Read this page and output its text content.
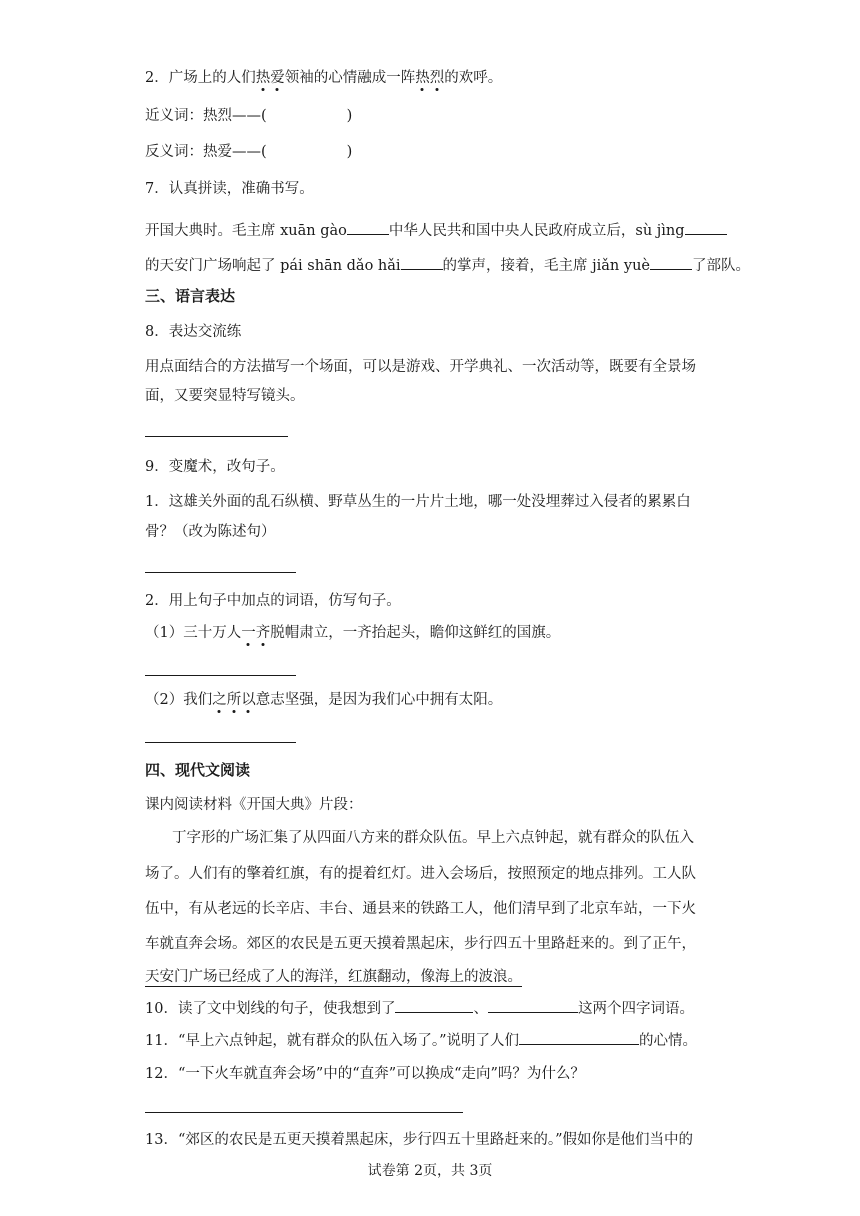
2．广场上的人们热爱领袖的心情融成一阵热烈的欢呼。
近义词：热烈——(	)
反义词：热爱——(	)
7．认真拼读，准确书写。
开国大典时。毛主席 xuān gào	中华人民共和国中央人民政府成立后，sù jìng
的天安门广场响起了 pái shān dǎo hǎi	的掌声，接着，毛主席 jiǎn yuè	了部队。
三、语言表达
8．表达交流练
用点面结合的方法描写一个场面，可以是游戏、开学典礼、一次活动等，既要有全景场
面，又要突显特写镜头。
9．变魔术，改句子。
1．这雄关外面的乱石纵横、野草丛生的一片片土地，哪一处没埋葬过入侵者的累累白
骨？（改为陈述句）
2．用上句子中加点的词语，仿写句子。
（1）三十万人一齐脱帽肃立，一齐抬起头，瞻仰这鲜红的国旗。
（2）我们之所以意志坚强，是因为我们心中拥有太阳。
四、现代文阅读
课内阅读材料《开国大典》片段：
丁字形的广场汇集了从四面八方来的群众队伍。早上六点钟起，就有群众的队伍入
场了。人们有的擎着红旗，有的提着红灯。进入会场后，按照预定的地点排列。工人队
伍中，有从老远的长辛店、丰台、通县来的铁路工人，他们清早到了北京车站，一下火
车就直奔会场。郊区的农民是五更天摸着黑起床，步行四五十里路赶来的。到了正午，
天安门广场已经成了人的海洋，红旗翻动，像海上的波浪。
10．读了文中划线的句子，使我想到了	、	这两个四字词语。
11．“早上六点钟起，就有群众的队伍入场了。”说明了人们	的心情。
12．“一下火车就直奔会场”中的“直奔”可以换成“走向”吗？为什么？
13．“郊区的农民是五更天摸着黑起床，步行四五十里路赶来的。”假如你是他们当中的
试卷第 2页，共 3页
